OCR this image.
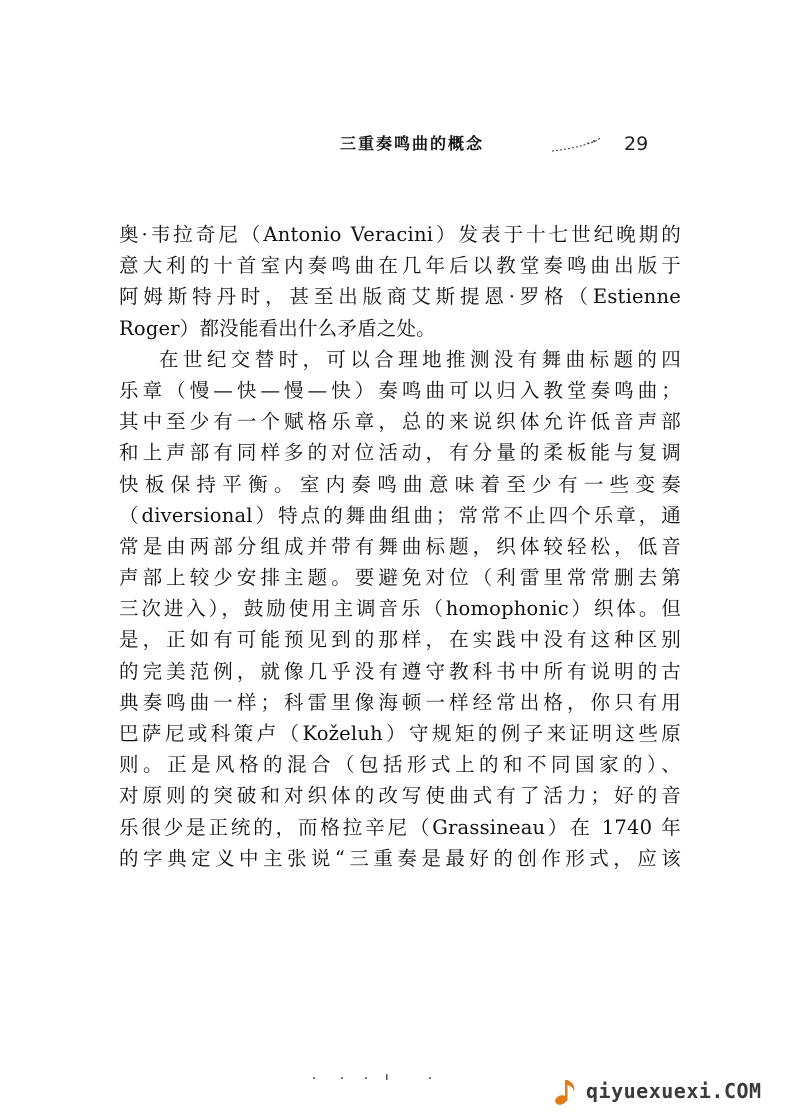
三重奏鸣曲的概念	29
奥·韦拉奇尼（Antonio Veracini）发表于十七世纪晚期的
意大利的十首室内奏鸣曲在几年后以教堂奏鸣曲出版于
阿姆斯特丹时，甚至出版商艾斯提恩·罗格（Estienne
Roger）都没能看出什么矛盾之处。
在世纪交替时，可以合理地推测没有舞曲标题的四
乐章（慢—快—慢—快）奏鸣曲可以归入教堂奏鸣曲；
其中至少有一个赋格乐章，总的来说织体允许低音声部
和上声部有同样多的对位活动，有分量的柔板能与复调
快板保持平衡。室内奏鸣曲意味着至少有一些变奏
（diversional）特点的舞曲组曲；常常不止四个乐章，通
常是由两部分组成并带有舞曲标题，织体较轻松，低音
声部上较少安排主题。要避免对位（利雷里常常删去第
三次进入），鼓励使用主调音乐（homophonic）织体。但
是，正如有可能预见到的那样，在实践中没有这种区别
的完美范例，就像几乎没有遵守教科书中所有说明的古
典奏鸣曲一样；科雷里像海顿一样经常出格，你只有用
巴萨尼或科策卢（Koželuh）守规矩的例子来证明这些原
则。正是风格的混合（包括形式上的和不同国家的）、
对原则的突破和对织体的改写使曲式有了活力；好的音
乐很少是正统的，而格拉辛尼（Grassineau）在 1740 年
的字典定义中主张说“三重奏是最好的创作形式，应该
qiyuexuexi.COM
